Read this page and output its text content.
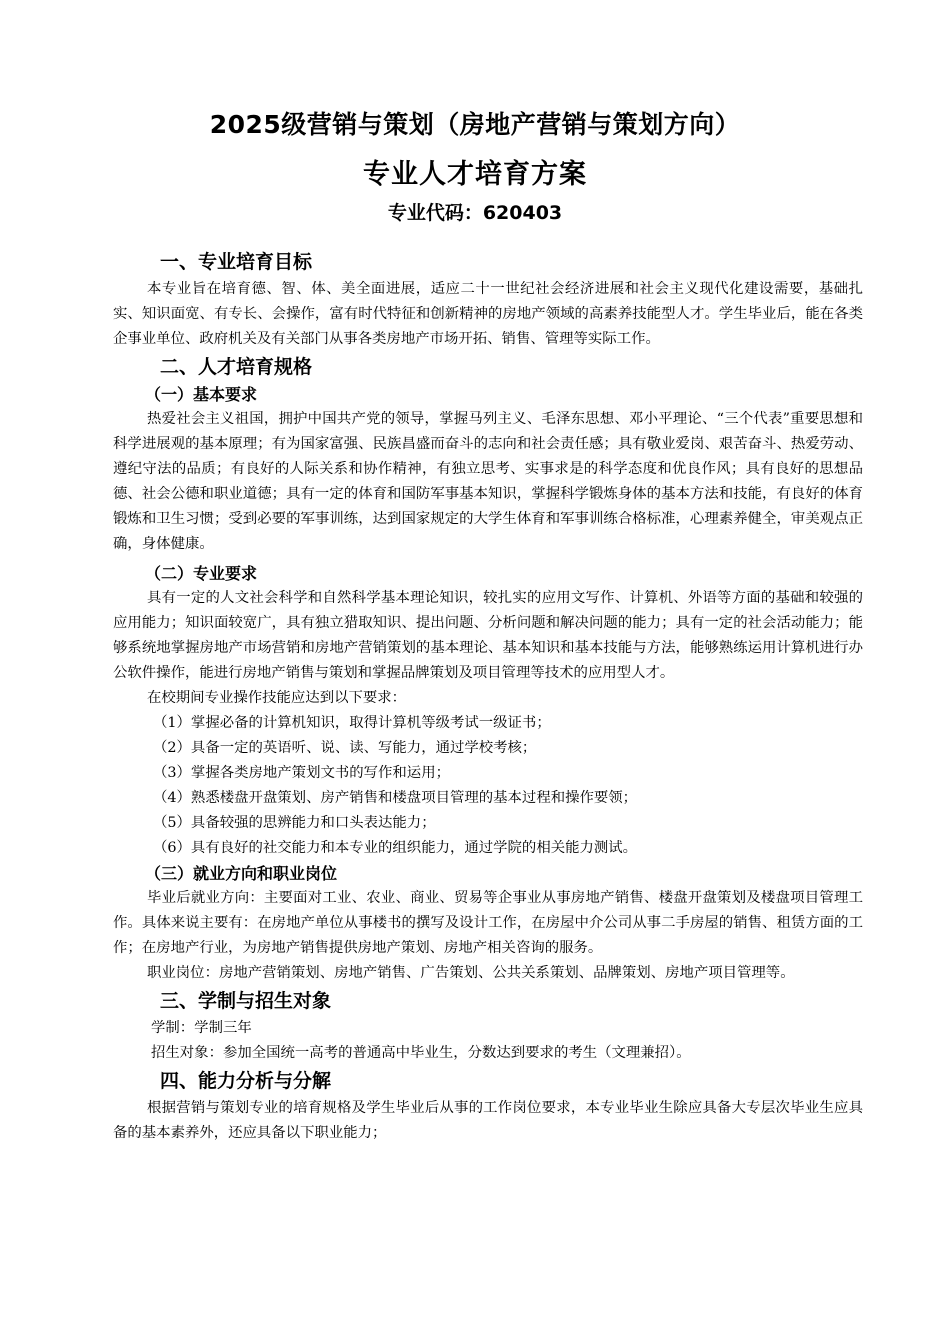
2025级营销与策划（房地产营销与策划方向）
专业人才培育方案
专业代码：620403
一、专业培育目标

本专业旨在培育德、智、体、美全面进展，适应二十一世纪社会经济进展和社会主义现代化建设需要，基础扎实、知识面宽、有专长、会操作，富有时代特征和创新精神的房地产领域的高素养技能型人才。学生毕业后，能在各类企事业单位、政府机关及有关部门从事各类房地产市场开拓、销售、管理等实际工作。

二、人才培育规格
（一）基本要求

热爱社会主义祖国，拥护中国共产党的领导，掌握马列主义、毛泽东思想、邓小平理论、“三个代表”重要思想和科学进展观的基本原理；有为国家富强、民族昌盛而奋斗的志向和社会责任感；具有敬业爱岗、艰苦奋斗、热爱劳动、遵纪守法的品质；有良好的人际关系和协作精神，有独立思考、实事求是的科学态度和优良作风；具有良好的思想品德、社会公德和职业道德；具有一定的体育和国防军事基本知识，掌握科学锻炼身体的基本方法和技能，有良好的体育锻炼和卫生习惯；受到必要的军事训练，达到国家规定的大学生体育和军事训练合格标准，心理素养健全，审美观点正确，身体健康。

（二）专业要求

具有一定的人文社会科学和自然科学基本理论知识，较扎实的应用文写作、计算机、外语等方面的基础和较强的应用能力；知识面较宽广，具有独立猎取知识、提出问题、分析问题和解决问题的能力；具有一定的社会活动能力；能够系统地掌握房地产市场营销和房地产营销策划的基本理论、基本知识和基本技能与方法，能够熟练运用计算机进行办公软件操作，能进行房地产销售与策划和掌握品牌策划及项目管理等技术的应用型人才。

在校期间专业操作技能应达到以下要求：

（1）掌握必备的计算机知识，取得计算机等级考试一级证书；

（2）具备一定的英语听、说、读、写能力，通过学校考核；

（3）掌握各类房地产策划文书的写作和运用；

（4）熟悉楼盘开盘策划、房产销售和楼盘项目管理的基本过程和操作要领；

（5）具备较强的思辨能力和口头表达能力；

（6）具有良好的社交能力和本专业的组织能力，通过学院的相关能力测试。

（三）就业方向和职业岗位

毕业后就业方向：主要面对工业、农业、商业、贸易等企事业从事房地产销售、楼盘开盘策划及楼盘项目管理工作。具体来说主要有：在房地产单位从事楼书的撰写及设计工作，在房屋中介公司从事二手房屋的销售、租赁方面的工作；在房地产行业，为房地产销售提供房地产策划、房地产相关咨询的服务。

职业岗位：房地产营销策划、房地产销售、广告策划、公共关系策划、品牌策划、房地产项目管理等。

三、学制与招生对象

学制：学制三年

招生对象：参加全国统一高考的普通高中毕业生，分数达到要求的考生（文理兼招）。

四、能力分析与分解

根据营销与策划专业的培育规格及学生毕业后从事的工作岗位要求，本专业毕业生除应具备大专层次毕业生应具备的基本素养外，还应具备以下职业能力；
